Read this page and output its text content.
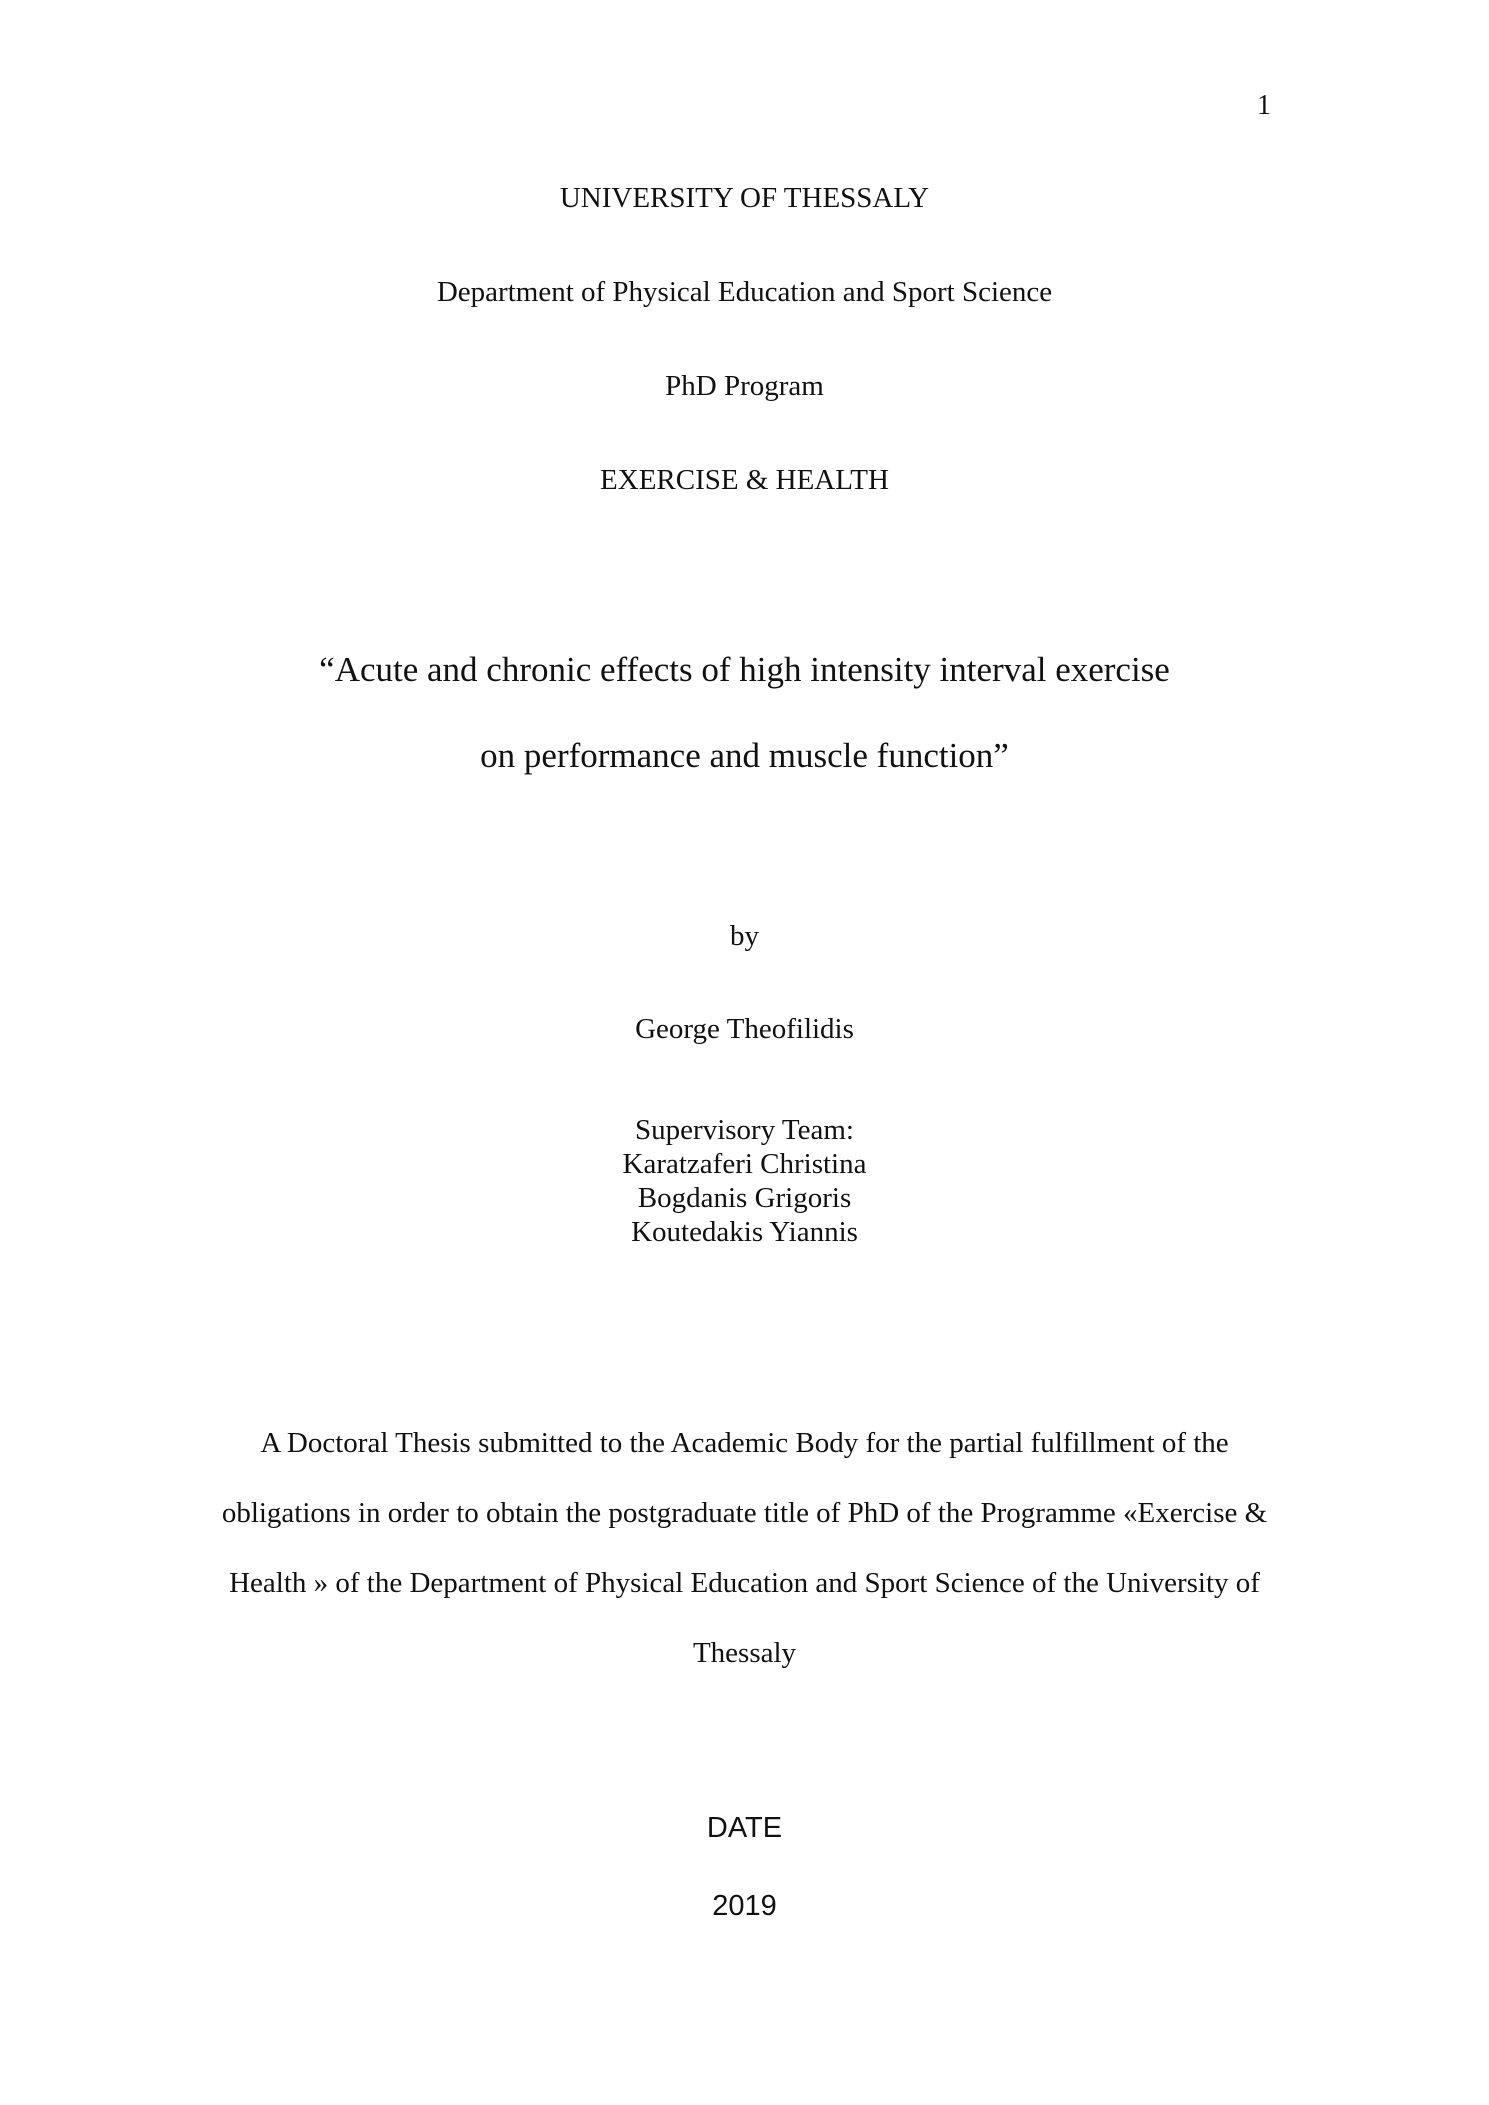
1
UNIVERSITY OF THESSALY
Department of Physical Education and Sport Science
PhD Program
EXERCISE & HEALTH
“Acute and chronic effects of high intensity interval exercise
on performance and muscle function”
by
George Theofilidis
Supervisory Team:
Karatzaferi Christina
Bogdanis Grigoris
Koutedakis Yiannis
A Doctoral Thesis submitted to the Academic Body for the partial fulfillment of the
obligations in order to obtain the postgraduate title of PhD of the Programme «Exercise &
Health » of the Department of Physical Education and Sport Science of the University of
Thessaly
DATE
2019
